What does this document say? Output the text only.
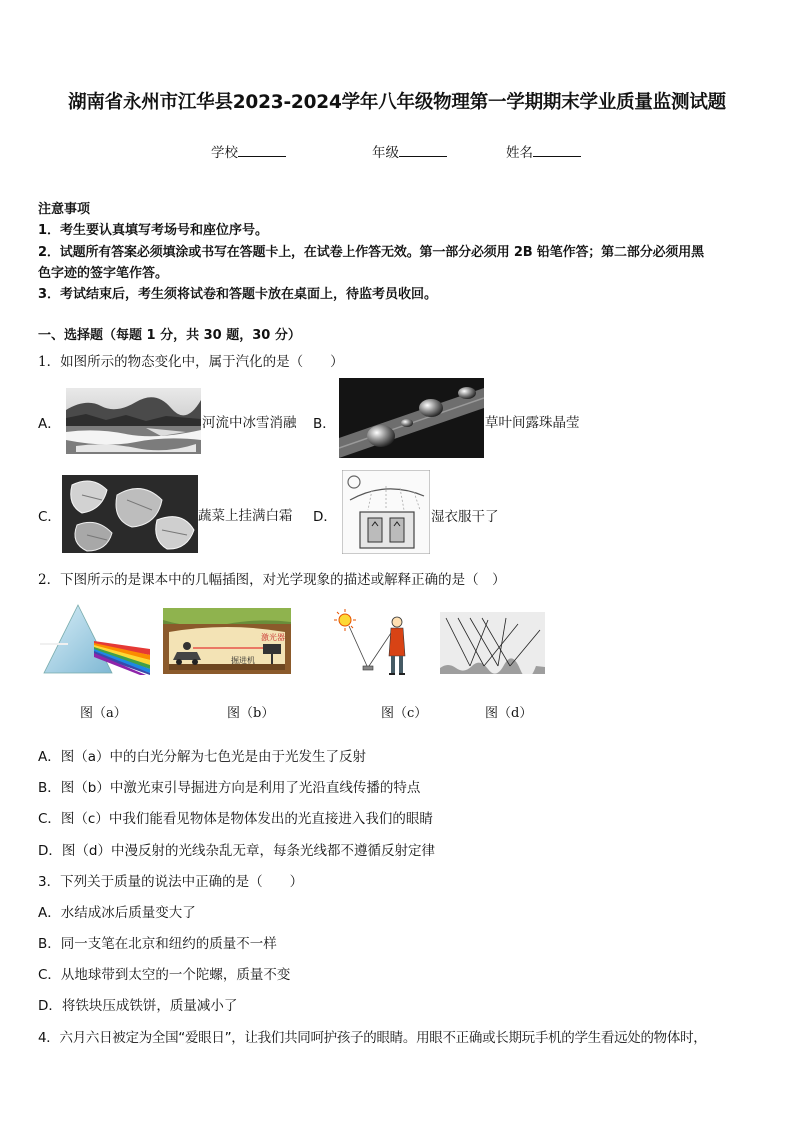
湖南省永州市江华县2023-2024学年八年级物理第一学期期末学业质量监测试题
学校	年级	姓名
注意事项
1．考生要认真填写考场号和座位序号。
2．试题所有答案必须填涂或书写在答题卡上，在试卷上作答无效。第一部分必须用 2B 铅笔作答；第二部分必须用黑
色字迹的签字笔作答。
3．考试结束后，考生须将试卷和答题卡放在桌面上，待监考员收回。
一、选择题（每题 1 分，共 30 题，30 分）
1．如图所示的物态变化中，属于汽化的是（　　）
A．	河流中冰雪消融 B．	草叶间露珠晶莹
C．	蔬菜上挂满白霜 D．	湿衣服干了
2．下图所示的是课本中的几幅插图，对光学现象的描述或解释正确的是（　）
激光器
掘进机
图（a）	图（b）	图（c）	图（d）
A．图（a）中的白光分解为七色光是由于光发生了反射
B．图（b）中激光束引导掘进方向是利用了光沿直线传播的特点
C．图（c）中我们能看见物体是物体发出的光直接进入我们的眼睛
D．图（d）中漫反射的光线杂乱无章，每条光线都不遵循反射定律
3．下列关于质量的说法中正确的是（　　）
A．水结成冰后质量变大了
B．同一支笔在北京和纽约的质量不一样
C．从地球带到太空的一个陀螺，质量不变
D．将铁块压成铁饼，质量减小了
4．六月六日被定为全国“爱眼日”，让我们共同呵护孩子的眼睛。用眼不正确或长期玩手机的学生看远处的物体时，
